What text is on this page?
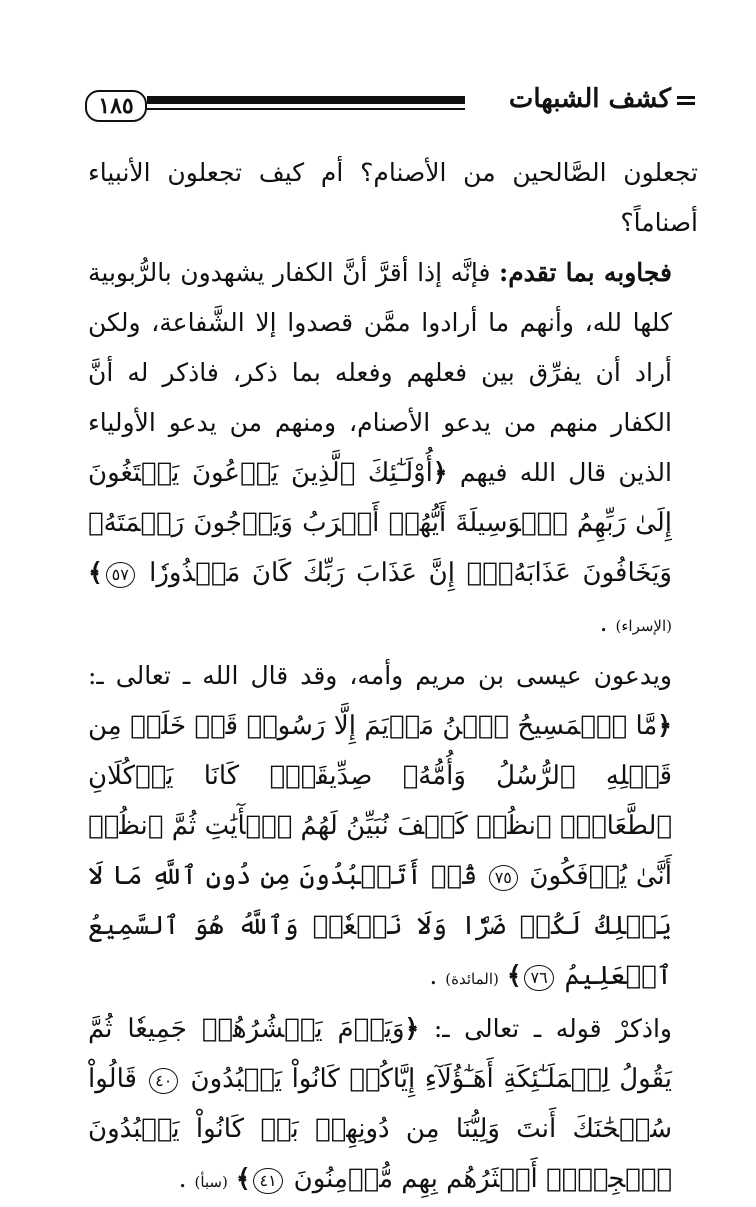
١٨٥	كشف الشبهات

تجعلون الصَّالحين من الأصنام؟ أم كيف تجعلون الأنبياء أصناماً؟

فجاوبه بما تقدم: فإنَّه إذا أقرَّ أنَّ الكفار يشهدون بالرُّبوبية كلها لله، وأنهم ما أرادوا ممَّن قصدوا إلا الشَّفاعة، ولكن أراد أن يفرِّق بين فعلهم وفعله بما ذكر، فاذكر له أنَّ الكفار منهم من يدعو الأصنام، ومنهم من يدعو الأولياء الذين قال الله فيهم ﴿أُوْلَـٰٓئِكَ ٱلَّذِينَ يَدۡعُونَ يَبۡتَغُونَ إِلَىٰ رَبِّهِمُ ٱلۡوَسِيلَةَ أَيُّهُمۡ أَقۡرَبُ وَيَرۡجُونَ رَحۡمَتَهُۥ وَيَخَافُونَ عَذَابَهُۥٓۚ إِنَّ عَذَابَ رَبِّكَ كَانَ مَحۡذُورٗا ٥٧﴾ (الإسراء) .

ويدعون عيسى بن مريم وأمه، وقد قال الله ـ تعالى ـ: ﴿مَّا ٱلۡمَسِيحُ ٱبۡنُ مَرۡيَمَ إِلَّا رَسُولٞ قَدۡ خَلَتۡ مِن قَبۡلِهِ ٱلرُّسُلُ وَأُمُّهُۥ صِدِّيقَةٞۖ كَانَا يَأۡكُلَانِ ٱلطَّعَامَۗ ٱنظُرۡ كَيۡفَ نُبَيِّنُ لَهُمُ ٱلۡأٓيَٰتِ ثُمَّ ٱنظُرۡ أَنَّىٰ يُؤۡفَكُونَ ٧٥ قُلۡ أَتَعۡبُدُونَ مِن دُونِ ٱللَّهِ مَا لَا يَمۡلِكُ لَكُمۡ ضَرّٗا وَلَا نَفۡعٗاۚ وَٱللَّهُ هُوَ ٱلسَّمِيعُ ٱلۡعَلِيمُ ٧٦﴾ (المائدة) .

واذكرْ قوله ـ تعالى ـ: ﴿وَيَوۡمَ يَحۡشُرُهُمۡ جَمِيعٗا ثُمَّ يَقُولُ لِلۡمَلَـٰٓئِكَةِ أَهَـٰٓؤُلَآءِ إِيَّاكُمۡ كَانُواْ يَعۡبُدُونَ ٤٠ قَالُواْ سُبۡحَٰنَكَ أَنتَ وَلِيُّنَا مِن دُونِهِمۖ بَلۡ كَانُواْ يَعۡبُدُونَ ٱلۡجِنَّۖ أَكۡثَرُهُم بِهِم مُّؤۡمِنُونَ ٤١﴾ (سبأ) .
